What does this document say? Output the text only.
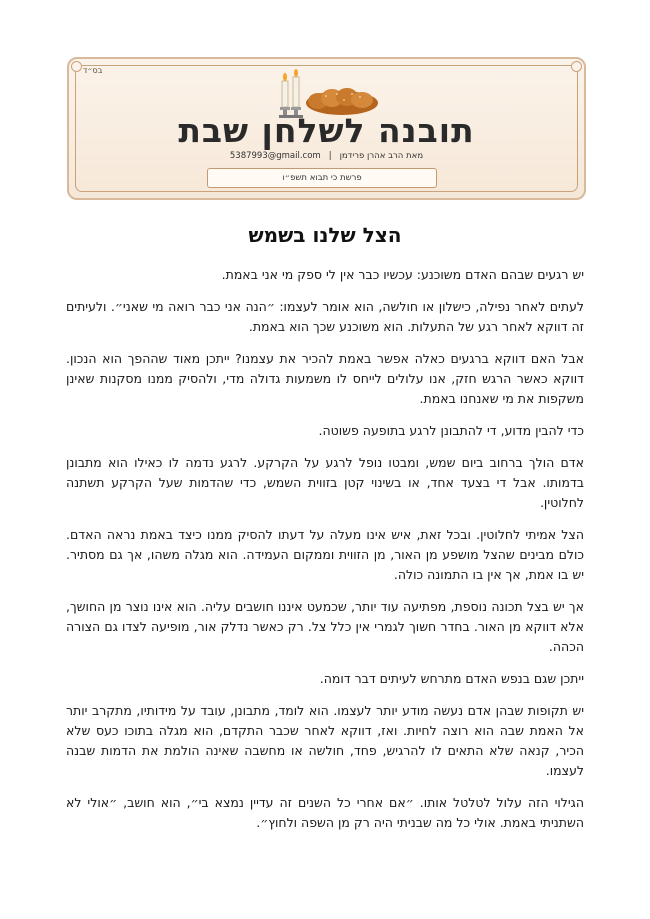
בס״ד
תובנה לשלחן שבת
מאת הרב אהרן פרידמן|5387993@gmail.com
פרשת כי תבוא תשפ״ו
הצל שלנו בשמש

יש רגעים שבהם האדם משוכנע: עכשיו כבר אין לי ספק מי אני באמת.

לעתים לאחר נפילה, כישלון או חולשה, הוא אומר לעצמו: ״הנה אני כבר רואה מי שאני״. ולעיתים זה דווקא לאחר רגע של התעלות. הוא משוכנע שכך הוא באמת.

אבל האם דווקא ברגעים כאלה אפשר באמת להכיר את עצמנו? ייתכן מאוד שההפך הוא הנכון. דווקא כאשר הרגש חזק, אנו עלולים לייחס לו משמעות גדולה מדי, ולהסיק ממנו מסקנות שאינן משקפות את מי שאנחנו באמת.

כדי להבין מדוע, די להתבונן לרגע בתופעה פשוטה.

אדם הולך ברחוב ביום שמש, ומבטו נופל לרגע על הקרקע. לרגע נדמה לו כאילו הוא מתבונן בדמותו. אבל די בצעד אחד, או בשינוי קטן בזווית השמש, כדי שהדמות שעל הקרקע תשתנה לחלוטין.

הצל אמיתי לחלוטין. ובכל זאת, איש אינו מעלה על דעתו להסיק ממנו כיצד באמת נראה האדם. כולם מבינים שהצל מושפע מן האור, מן הזווית וממקום העמידה. הוא מגלה משהו, אך גם מסתיר. יש בו אמת, אך אין בו התמונה כולה.

אך יש בצל תכונה נוספת, מפתיעה עוד יותר, שכמעט איננו חושבים עליה. הוא אינו נוצר מן החושך, אלא דווקא מן האור. בחדר חשוך לגמרי אין כלל צל. רק כאשר נדלק אור, מופיעה לצדו גם הצורה הכהה.

ייתכן שגם בנפש האדם מתרחש לעיתים דבר דומה.

יש תקופות שבהן אדם נעשה מודע יותר לעצמו. הוא לומד, מתבונן, עובד על מידותיו, מתקרב יותר אל האמת שבה הוא רוצה לחיות. ואז, דווקא לאחר שכבר התקדם, הוא מגלה בתוכו כעס שלא הכיר, קנאה שלא התאים לו להרגיש, פחד, חולשה או מחשבה שאינה הולמת את הדמות שבנה לעצמו.

הגילוי הזה עלול לטלטל אותו. ״אם אחרי כל השנים זה עדיין נמצא בי״, הוא חושב, ״אולי לא השתניתי באמת. אולי כל מה שבניתי היה רק מן השפה ולחוץ״.
